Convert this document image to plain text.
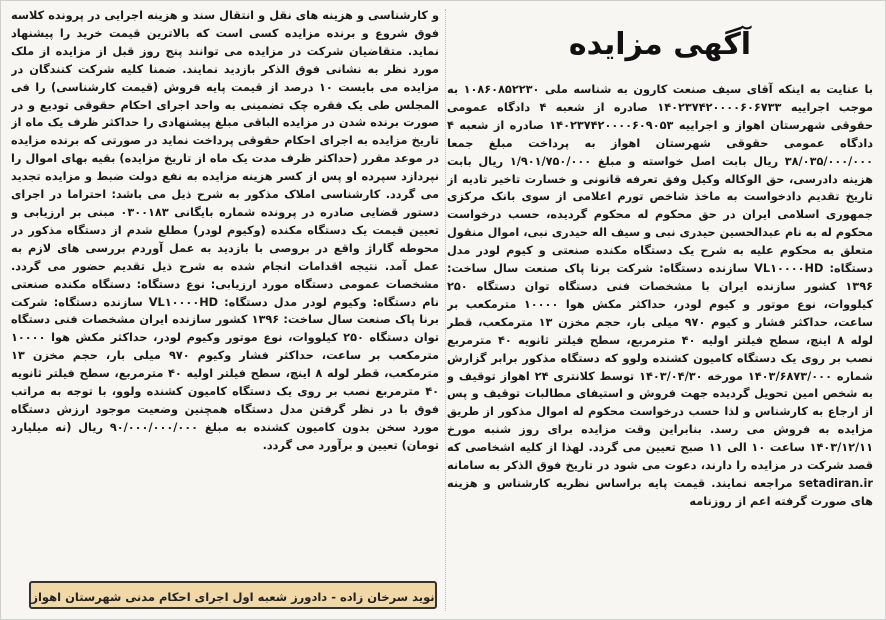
آگهی مزایده

با عنایت به اینکه آقای سیف صنعت کارون به شناسه ملی ۱۰۸۶۰۸۵۲۲۳۰ به موجب اجراییه ۱۴۰۲۳۷۴۲۰۰۰۰۶۰۶۷۳۳ صادره از شعبه ۴ دادگاه عمومی حقوقی شهرستان اهواز و اجراییه ۱۴۰۲۳۷۴۲۰۰۰۰۶۰۹۰۵۳ صادره از شعبه ۴ دادگاه عمومی حقوقی شهرستان اهواز به پرداخت مبلغ جمعا ۳۸/۰۳۵/۰۰۰/۰۰۰ ریال بابت اصل خواسته و مبلغ ۱/۹۰۱/۷۵۰/۰۰۰ ریال بابت هزینه دادرسی، حق الوکاله وکیل وفق تعرفه قانونی و خسارت تاخیر تادیه از تاریخ تقدیم دادخواست به ماخذ شاخص تورم اعلامی از سوی بانک مرکزی جمهوری اسلامی ایران در حق محکوم له محکوم گردیده، حسب درخواست محکوم له به نام عبدالحسین حیدری نبی و سیف اله حیدری نبی، اموال منقول متعلق به محکوم علیه به شرح یک دستگاه مکنده صنعتی و کیوم لودر مدل دستگاه: VL۱۰۰۰۰HD سازنده دستگاه: شرکت برنا پاک صنعت سال ساخت: ۱۳۹۶ کشور سازنده ایران با مشخصات فنی دستگاه توان دستگاه ۲۵۰ کیلووات، نوع موتور و کیوم لودر، حداکثر مکش هوا ۱۰۰۰۰ مترمکعب بر ساعت، حداکثر فشار و کیوم ۹۷۰ میلی بار، حجم مخزن ۱۳ مترمکعب، قطر لوله ۸ اینچ، سطح فیلتر اولیه ۴۰ مترمربع، سطح فیلتر ثانویه ۴۰ مترمربع نصب بر روی یک دستگاه کامیون کشنده ولوو که دستگاه مذکور برابر گزارش شماره ۱۴۰۳/۶۸۷۳/۰۰۰ مورخه ۱۴۰۳/۰۴/۳۰ توسط کلانتری ۲۴ اهواز توقیف و به شخص امین تحویل گردیده جهت فروش و استیفای مطالبات توقیف و پس از ارجاع به کارشناس و لذا حسب درخواست محکوم له اموال مذکور از طریق مزایده به فروش می رسد. بنابراین وقت مزایده برای روز شنبه مورخ ۱۴۰۳/۱۲/۱۱ ساعت ۱۰ الی ۱۱ صبح تعیین می گردد. لهذا از کلیه اشخاصی که قصد شرکت در مزایده را دارند، دعوت می شود در تاریخ فوق الذکر به سامانه setadiran.ir مراجعه نمایند. قیمت پایه براساس نظریه کارشناس و هزینه های صورت گرفته اعم از روزنامه

و کارشناسی و هزینه های نقل و انتقال سند و هزینه اجرایی در پرونده کلاسه فوق شروع و برنده مزایده کسی است که بالاترین قیمت خرید را پیشنهاد نماید. متقاضیان شرکت در مزایده می توانند پنج روز قبل از مزایده از ملک مورد نظر به نشانی فوق الذکر بازدید نمایند. ضمنا کلیه شرکت کنندگان در مزایده می بایست ۱۰ درصد از قیمت پایه فروش (قیمت کارشناسی) را فی المجلس طی یک فقره چک تضمینی به واحد اجرای احکام حقوقی تودیع و در صورت برنده شدن در مزایده الباقی مبلغ پیشنهادی را حداکثر ظرف یک ماه از تاریخ مزایده به اجرای احکام حقوقی پرداخت نماید در صورتی که برنده مزایده در موعد مقرر (حداکثر ظرف مدت یک ماه از تاریخ مزایده) بقیه بهای اموال را نپردازد سپرده او پس از کسر هزینه مزایده به نفع دولت ضبط و مزایده تجدید می گردد. کارشناسی املاک مذکور به شرح ذیل می باشد: احتراما در اجرای دستور قضایی صادره در پرونده شماره بایگانی ۰۳۰۰۱۸۳ مبنی بر ارزیابی و تعیین قیمت یک دستگاه مکنده (وکیوم لودر) مطلع شدم از دستگاه مذکور در محوطه گاراژ واقع در بروصی با بازدید به عمل آوردم بررسی های لازم به عمل آمد. نتیجه اقدامات انجام شده به شرح ذیل تقدیم حضور می گردد. مشخصات عمومی دستگاه مورد ارزیابی: نوع دستگاه: دستگاه مکنده صنعتی نام دستگاه: وکیوم لودر مدل دستگاه: VL۱۰۰۰۰HD سازنده دستگاه: شرکت برنا پاک صنعت سال ساخت: ۱۳۹۶ کشور سازنده ایران مشخصات فنی دستگاه توان دستگاه ۲۵۰ کیلووات، نوع موتور وکیوم لودر، حداکثر مکش هوا ۱۰۰۰۰ مترمکعب بر ساعت، حداکثر فشار وکیوم ۹۷۰ میلی بار، حجم مخزن ۱۳ مترمکعب، قطر لوله ۸ اینچ، سطح فیلتر اولیه ۴۰ مترمربع، سطح فیلتر ثانویه ۴۰ مترمربع نصب بر روی یک دستگاه کامیون کشنده ولوو، با توجه به مراتب فوق با در نظر گرفتن مدل دستگاه همچنین وضعیت موجود ارزش دستگاه مورد سخن بدون کامیون کشنده به مبلغ ۹۰/۰۰۰/۰۰۰/۰۰۰ ریال (نه میلیارد تومان) تعیین و برآورد می گردد.

نوید سرخان زاده - دادورز شعبه اول اجرای احکام مدنی شهرستان اهواز
